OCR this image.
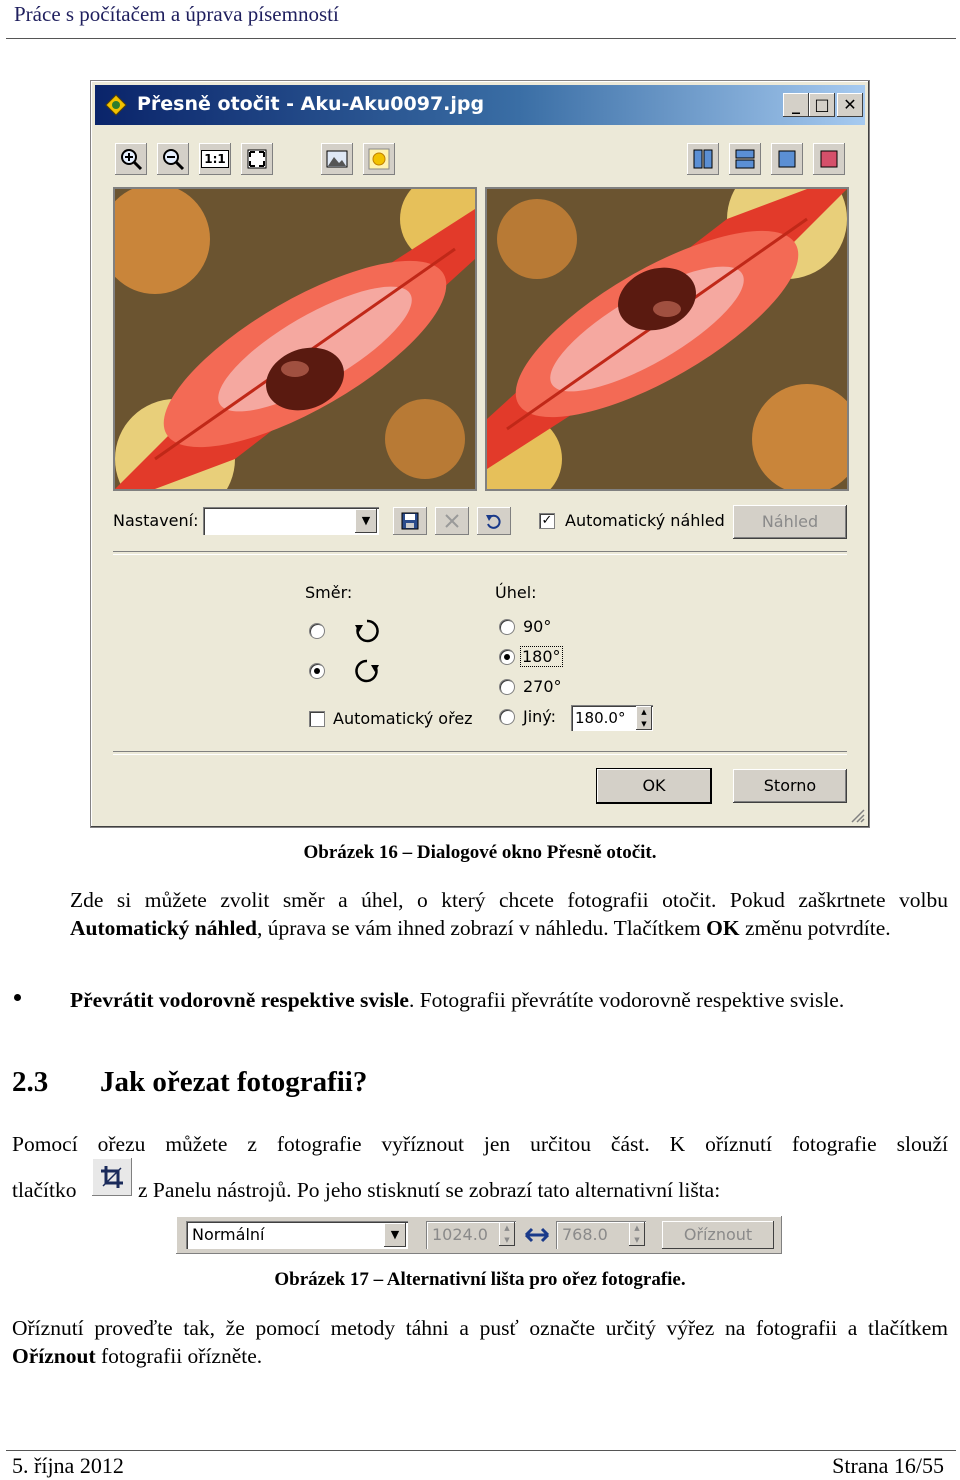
Práce s počítačem a úprava písemností
Přesně otočit - Aku-Aku0097.jpg	_ □ ✕
1:1
Nastavení:	▼	✓ Automatický náhled	Náhled
Směr:
Automatický ořez
Úhel:
90°
180°
270°
Jiný: 180.0°	▲
▼
OK	Storno
Obrázek 16 – Dialogové okno Přesně otočit.
Zde si můžete zvolit směr a úhel, o který chcete fotografii otočit. Pokud zaškrtnete volbu Automatický náhled, úprava se vám ihned zobrazí v náhledu. Tlačítkem OK změnu potvrdíte.
Převrátit vodorovně respektive svisle. Fotografii převrátíte vodorovně respektive svisle.
2.3 Jak ořezat fotografii?
Pomocí ořezu můžete z fotografie vyříznout jen určitou část. K oříznutí fotografie slouží
tlačítko	z Panelu nástrojů. Po jeho stisknutí se zobrazí tato alternativní lišta:
Normální	▼	1024.0	▲
▼	768.0	▲
▼	Oříznout
Obrázek 17 – Alternativní lišta pro ořez fotografie.
Oříznutí proveďte tak, že pomocí metody táhni a pusť označte určitý výřez na fotografii a tlačítkem Oříznout fotografii ořízněte.
5. října 2012	Strana 16/55
